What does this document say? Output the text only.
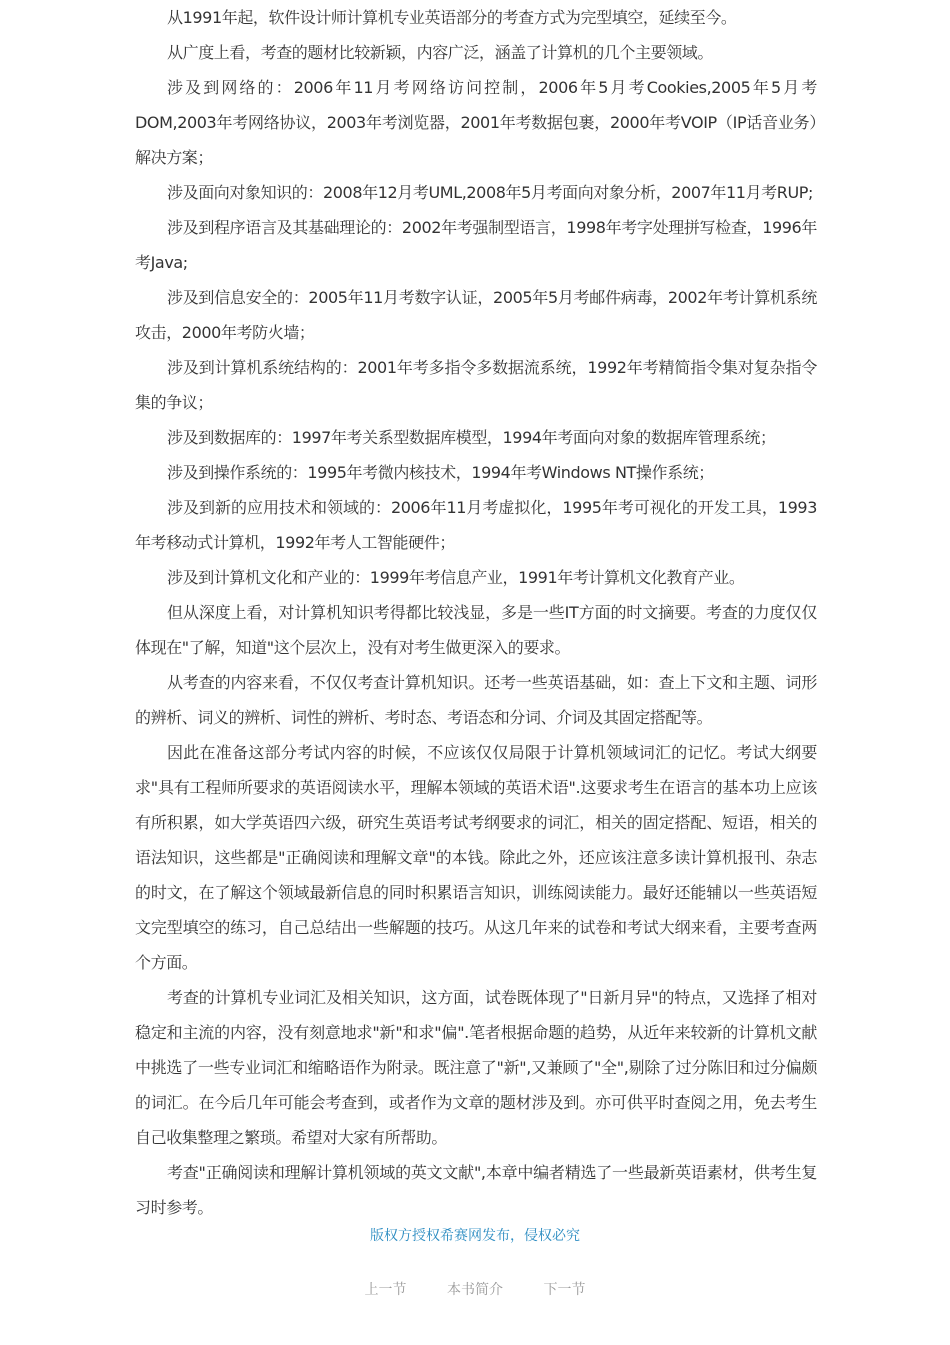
从1991年起，软件设计师计算机专业英语部分的考查方式为完型填空，延续至今。

从广度上看，考查的题材比较新颖，内容广泛，涵盖了计算机的几个主要领域。

涉及到网络的：2006年11月考网络访问控制，2006年5月考Cookies,2005年5月考DOM,2003年考网络协议，2003年考浏览器，2001年考数据包裹，2000年考VOIP（IP话音业务）解决方案；

涉及面向对象知识的：2008年12月考UML,2008年5月考面向对象分析，2007年11月考RUP;

涉及到程序语言及其基础理论的：2002年考强制型语言，1998年考字处理拼写检查，1996年考Java;

涉及到信息安全的：2005年11月考数字认证，2005年5月考邮件病毒，2002年考计算机系统攻击，2000年考防火墙；

涉及到计算机系统结构的：2001年考多指令多数据流系统，1992年考精简指令集对复杂指令集的争议；

涉及到数据库的：1997年考关系型数据库模型，1994年考面向对象的数据库管理系统；

涉及到操作系统的：1995年考微内核技术，1994年考Windows NT操作系统；

涉及到新的应用技术和领域的：2006年11月考虚拟化，1995年考可视化的开发工具，1993年考移动式计算机，1992年考人工智能硬件；

涉及到计算机文化和产业的：1999年考信息产业，1991年考计算机文化教育产业。

但从深度上看，对计算机知识考得都比较浅显，多是一些IT方面的时文摘要。考查的力度仅仅体现在"了解，知道"这个层次上，没有对考生做更深入的要求。

从考查的内容来看，不仅仅考查计算机知识。还考一些英语基础，如：查上下文和主题、词形的辨析、词义的辨析、词性的辨析、考时态、考语态和分词、介词及其固定搭配等。

因此在准备这部分考试内容的时候，不应该仅仅局限于计算机领域词汇的记忆。考试大纲要求"具有工程师所要求的英语阅读水平，理解本领域的英语术语".这要求考生在语言的基本功上应该有所积累，如大学英语四六级，研究生英语考试考纲要求的词汇，相关的固定搭配、短语，相关的语法知识，这些都是"正确阅读和理解文章"的本钱。除此之外，还应该注意多读计算机报刊、杂志的时文，在了解这个领域最新信息的同时积累语言知识，训练阅读能力。最好还能辅以一些英语短文完型填空的练习，自己总结出一些解题的技巧。从这几年来的试卷和考试大纲来看，主要考查两个方面。

考查的计算机专业词汇及相关知识，这方面，试卷既体现了"日新月异"的特点，又选择了相对稳定和主流的内容，没有刻意地求"新"和求"偏".笔者根据命题的趋势，从近年来较新的计算机文献中挑选了一些专业词汇和缩略语作为附录。既注意了"新",又兼顾了"全",剔除了过分陈旧和过分偏颇的词汇。在今后几年可能会考查到，或者作为文章的题材涉及到。亦可供平时查阅之用，免去考生自己收集整理之繁琐。希望对大家有所帮助。

考查"正确阅读和理解计算机领域的英文文献",本章中编者精选了一些最新英语素材，供考生复习时参考。

版权方授权希赛网发布，侵权必究
上一节	本书简介	下一节
